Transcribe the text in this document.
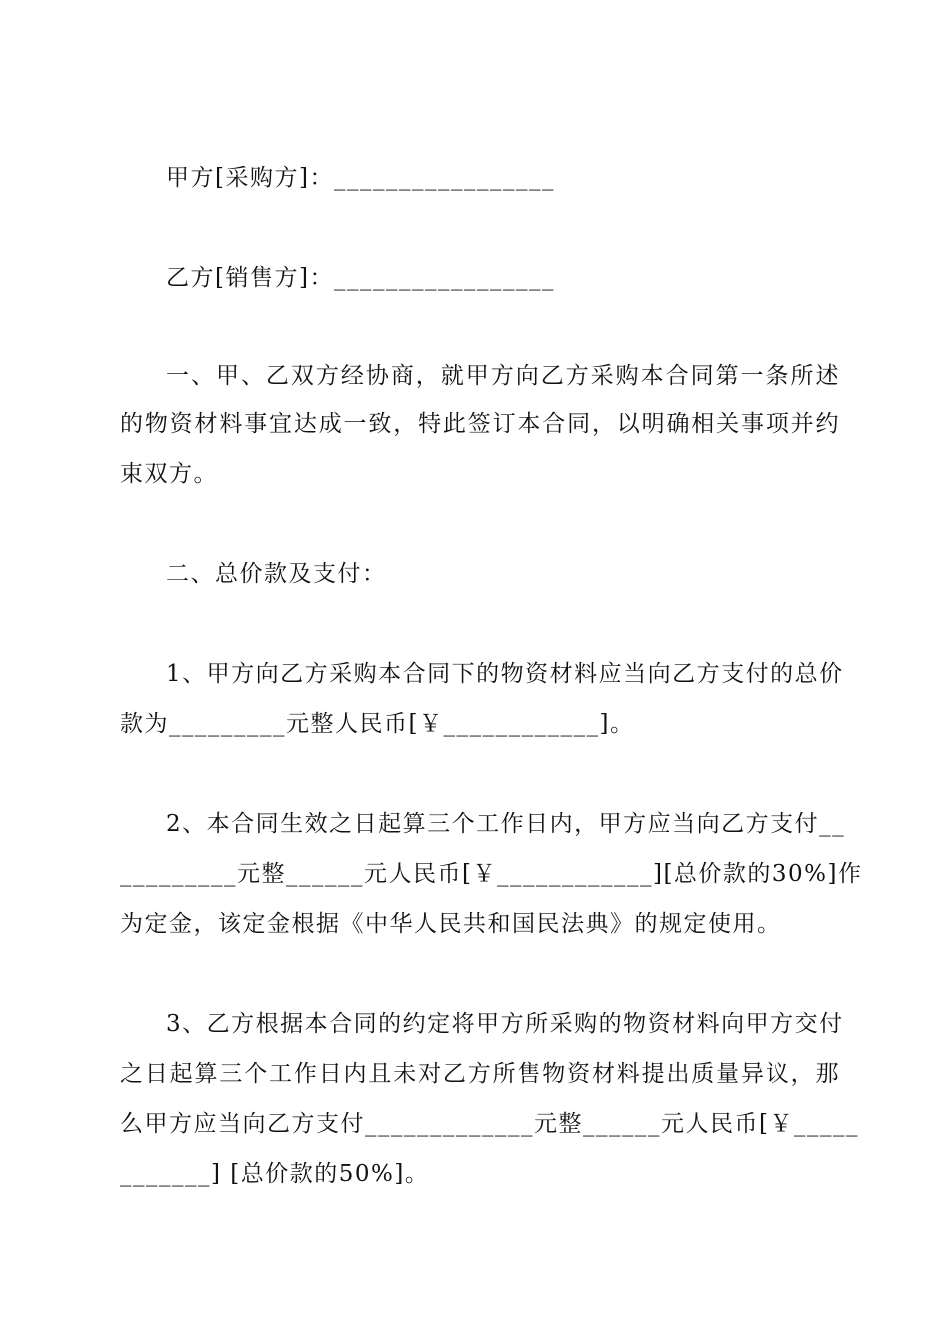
甲方[采购方]：_________________
乙方[销售方]：_________________
一、甲、乙双方经协商，就甲方向乙方采购本合同第一条所述
的物资材料事宜达成一致，特此签订本合同，以明确相关事项并约
束双方。
二、总价款及支付：
1、甲方向乙方采购本合同下的物资材料应当向乙方支付的总价
款为_________元整人民币[￥____________]。
2、本合同生效之日起算三个工作日内，甲方应当向乙方支付__
_________元整______元人民币[￥____________][总价款的30%]作
为定金，该定金根据《中华人民共和国民法典》的规定使用。
3、乙方根据本合同的约定将甲方所采购的物资材料向甲方交付
之日起算三个工作日内且未对乙方所售物资材料提出质量异议，那
么甲方应当向乙方支付_____________元整______元人民币[￥_____
_______] [总价款的50%]。
